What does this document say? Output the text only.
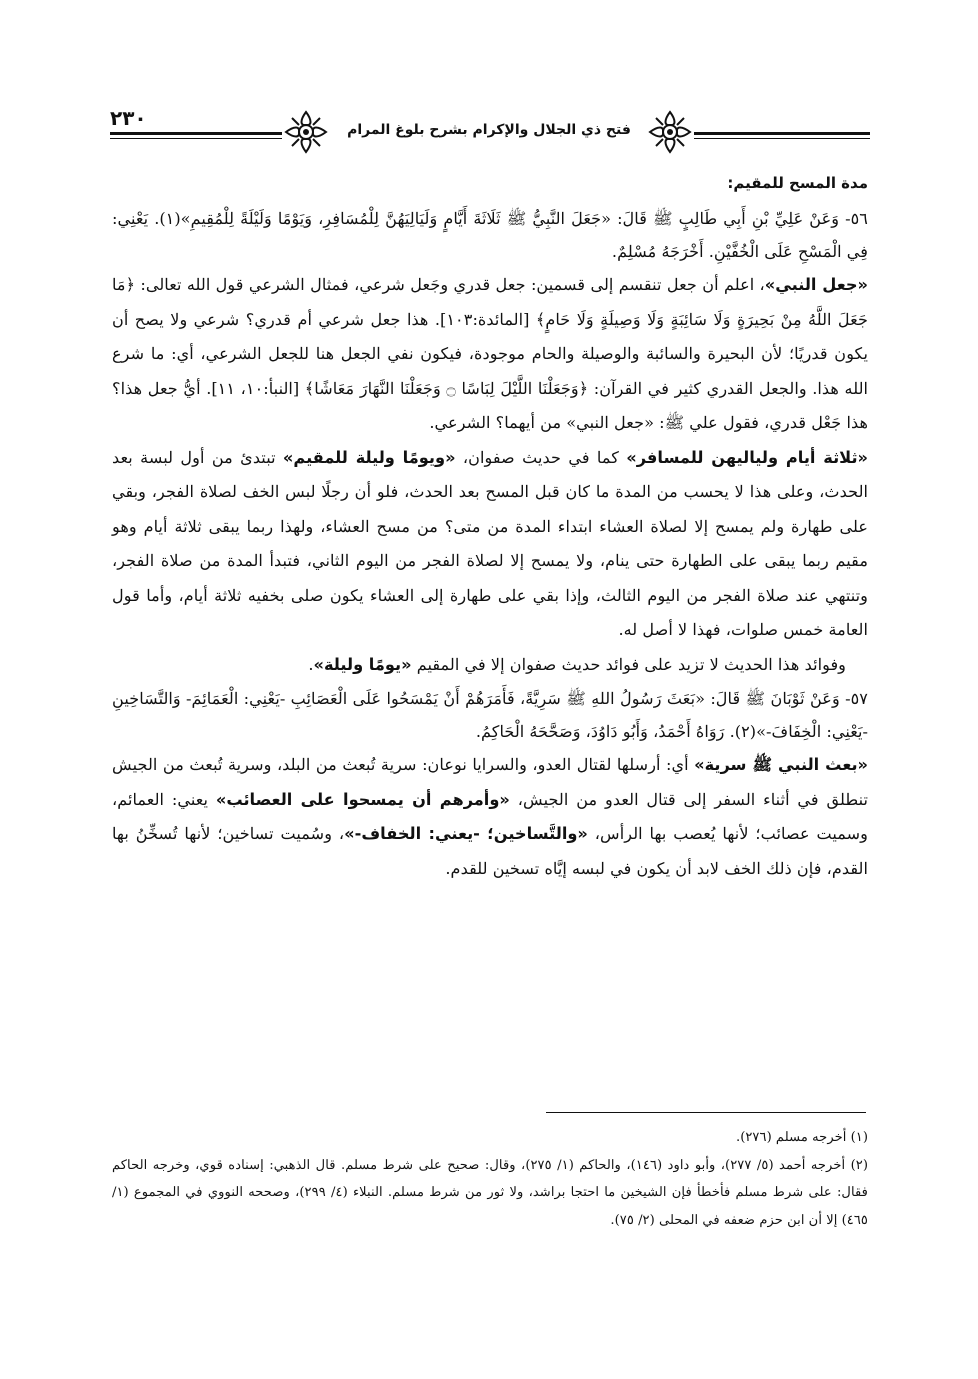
فتح ذي الجلال والإكرام بشرح بلوغ المرام
٢٣٠
مدة المسح للمقيم:

٥٦- وَعَنْ عَلِيِّ بْنِ أَبِي طَالِبٍ ﷺ قَالَ: «جَعَلَ النَّبِيُّ ﷺ ثَلَاثَةَ أَيَّامٍ وَلَيَالِيَهُنَّ لِلْمُسَافِرِ، وَيَوْمًا وَلَيْلَةً لِلْمُقِيمِ»(١). يَعْنِي: فِي الْمَسْحِ عَلَى الْخُفَّيْنِ. أَخْرَجَهُ مُسْلِمٌ.

«جعل النبي»، اعلم أن جعل تنقسم إلى قسمين: جعل قدري وجَعل شرعي، فمثال الشرعي قول الله تعالى: ﴿مَا جَعَلَ اللَّهُ مِنْ بَحِيرَةٍ وَلَا سَائِبَةٍ وَلَا وَصِيلَةٍ وَلَا حَامٍ﴾ [المائدة:١٠٣]. هذا جعل شرعي أم قدري؟ شرعي ولا يصح أن يكون قدريًا؛ لأن البحيرة والسائبة والوصيلة والحام موجودة، فيكون نفي الجعل هنا للجعل الشرعي، أي: ما شرع الله هذا. والجعل القدري كثير في القرآن: ﴿وَجَعَلْنَا اللَّيْلَ لِبَاسًا ۝ وَجَعَلْنَا النَّهَارَ مَعَاشًا﴾ [النبأ:١٠، ١١]. أيُّ جعل هذا؟ هذا جَعْل قدري، فقول علي ﷺ: «جعل النبي» من أيهما؟ الشرعي.

«ثلاثة أيام ولياليهن للمسافر» كما في حديث صفوان، «ويومًا وليلة للمقيم» تبتدئ من أول لبسة بعد الحدث، وعلى هذا لا يحسب من المدة ما كان قبل المسح بعد الحدث، فلو أن رجلًا لبس الخف لصلاة الفجر، وبقي على طهارة ولم يمسح إلا لصلاة العشاء ابتداء المدة من متى؟ من مسح العشاء، ولهذا ربما يبقى ثلاثة أيام وهو مقيم ربما يبقى على الطهارة حتى ينام، ولا يمسح إلا لصلاة الفجر من اليوم الثاني، فتبدأ المدة من صلاة الفجر، وتنتهي عند صلاة الفجر من اليوم الثالث، وإذا بقي على طهارة إلى العشاء يكون صلى بخفيه ثلاثة أيام، وأما قول العامة خمس صلوات، فهذا لا أصل له.

وفوائد هذا الحديث لا تزيد على فوائد حديث صفوان إلا في المقيم «يومًا وليلة».

٥٧- وَعَنْ ثَوْبَانَ ﷺ قَالَ: «بَعَثَ رَسُولُ اللهِ ﷺ سَرِيَّةً، فَأَمَرَهُمْ أَنْ يَمْسَحُوا عَلَى الْعَصَائِبِ -يَعْنِي: الْعَمَائِمَ- وَالتَّسَاخِينِ -يَعْنِي: الْخِفَافَ-»(٢). رَوَاهُ أَحْمَدُ، وَأَبُو دَاوُدَ، وَصَحَّحَهُ الْحَاكِمُ.

«بعث النبي ﷺ سرية» أي: أرسلها لقتال العدو، والسرايا نوعان: سرية تُبعث من البلد، وسرية تُبعث من الجيش تنطلق في أثناء السفر إلى قتال العدو من الجيش، «وأمرهم أن يمسحوا على العصائب» يعني: العمائم، وسميت عصائب؛ لأنها يُعصب بها الرأس، «والتَّساخين؛ -يعني: الخفاف-»، وسُميت تساخين؛ لأنها تُسخِّنُ بها القدم، فإن ذلك الخف لابد أن يكون في لبسه إيَّاه تسخين للقدم.

(١) أخرجه مسلم (٢٧٦).

(٢) أخرجه أحمد (٥/ ٢٧٧)، وأبو داود (١٤٦)، والحاكم (١/ ٢٧٥)، وقال: صحيح على شرط مسلم. قال الذهبي: إسناده قوي، وخرجه الحاكم فقال: على شرط مسلم فأخطأ فإن الشيخين ما احتجا براشد، ولا ثور من شرط مسلم. النبلاء (٤/ ٢٩٩)، وصححه النووي في المجموع (١/ ٤٦٥) إلا أن ابن حزم ضعفه في المحلى (٢/ ٧٥).
